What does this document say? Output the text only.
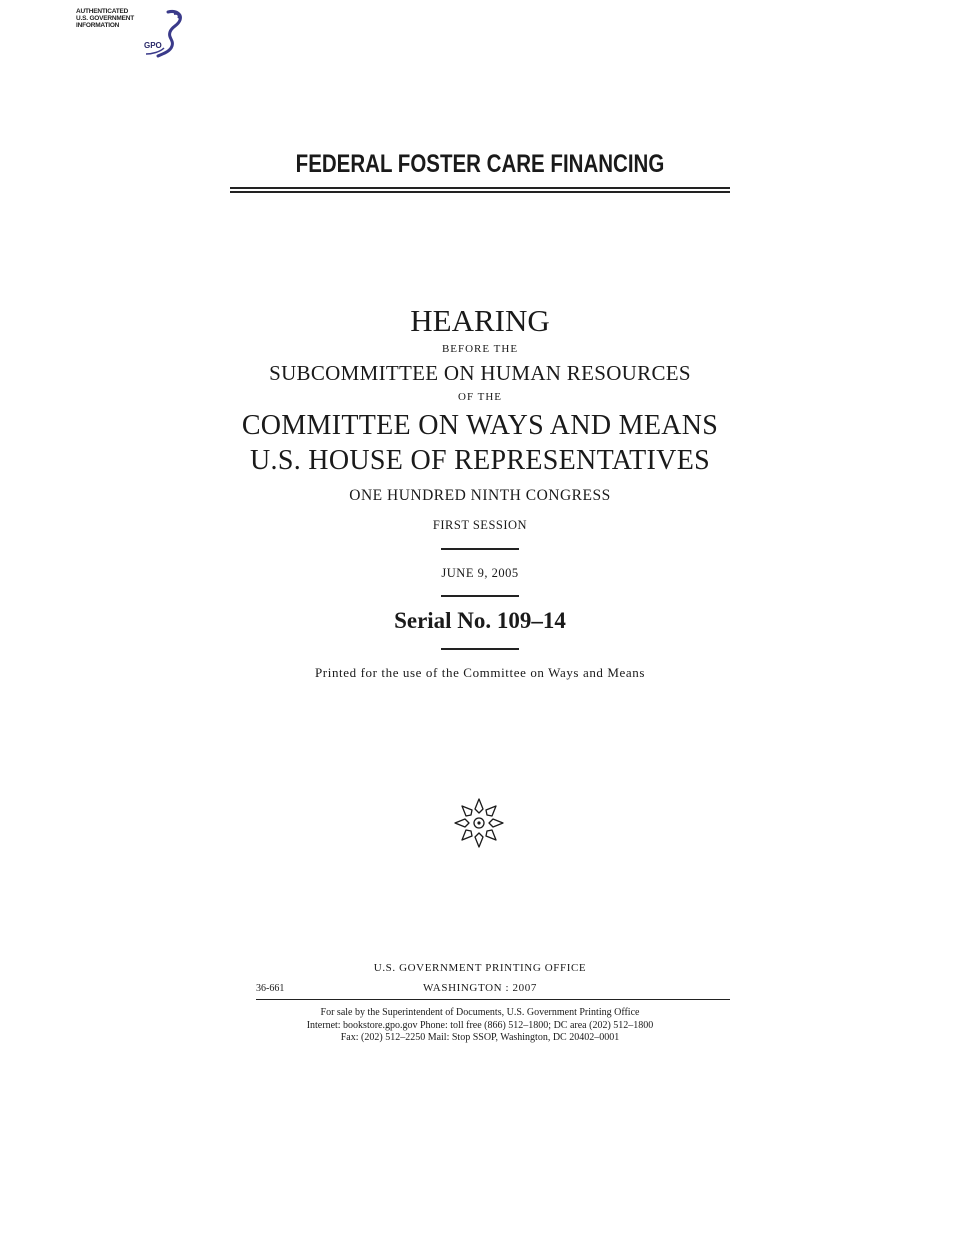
AUTHENTICATED
U.S. GOVERNMENT
INFORMATION
GPO
FEDERAL FOSTER CARE FINANCING
HEARING
BEFORE THE
SUBCOMMITTEE ON HUMAN RESOURCES
OF THE
COMMITTEE ON WAYS AND MEANS
U.S. HOUSE OF REPRESENTATIVES
ONE HUNDRED NINTH CONGRESS
FIRST SESSION
JUNE 9, 2005
Serial No. 109–14
Printed for the use of the Committee on Ways and Means
U.S. GOVERNMENT PRINTING OFFICE
36-661	WASHINGTON : 2007
For sale by the Superintendent of Documents, U.S. Government Printing Office
Internet: bookstore.gpo.gov Phone: toll free (866) 512–1800; DC area (202) 512–1800
Fax: (202) 512–2250 Mail: Stop SSOP, Washington, DC 20402–0001
